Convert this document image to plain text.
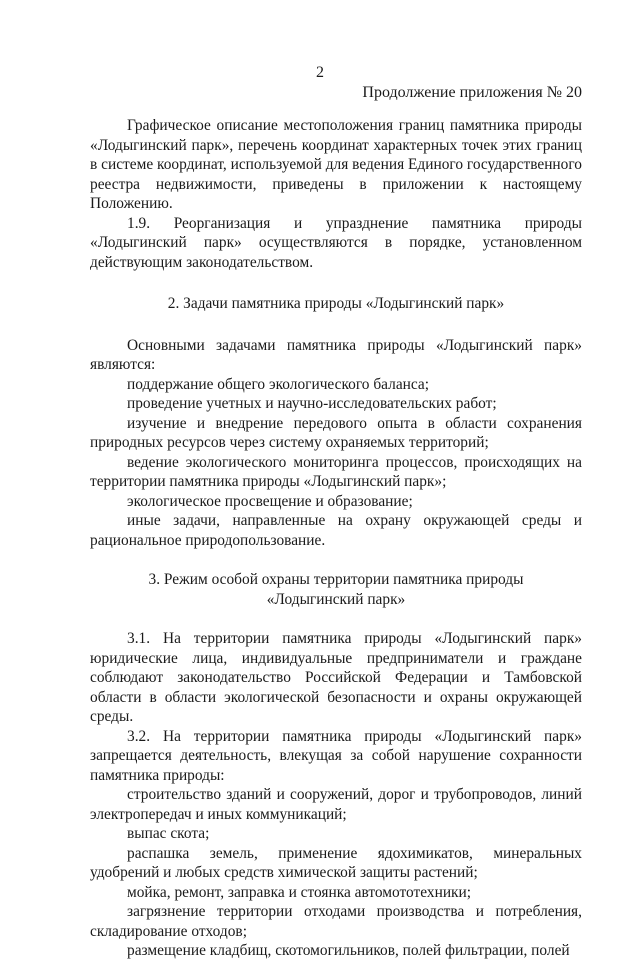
2
Продолжение приложения № 20

Графическое описание местоположения границ памятника природы «Лодыгинский парк», перечень координат характерных точек этих границ в системе координат, используемой для ведения Единого государственного реестра недвижимости, приведены в приложении к настоящему Положению.

1.9. Реорганизация и упразднение памятника природы «Лодыгинский парк» осуществляются в порядке, установленном действующим законодательством.

2. Задачи памятника природы «Лодыгинский парк»

Основными задачами памятника природы «Лодыгинский парк» являются:

поддержание общего экологического баланса;

проведение учетных и научно-исследовательских работ;

изучение и внедрение передового опыта в области сохранения природных ресурсов через систему охраняемых территорий;

ведение экологического мониторинга процессов, происходящих на территории памятника природы «Лодыгинский парк»;

экологическое просвещение и образование;

иные задачи, направленные на охрану окружающей среды и рациональное природопользование.

3. Режим особой охраны территории памятника природы

«Лодыгинский парк»

3.1. На территории памятника природы «Лодыгинский парк» юридические лица, индивидуальные предприниматели и граждане соблюдают законодательство Российской Федерации и Тамбовской области в области экологической безопасности и охраны окружающей среды.

3.2. На территории памятника природы «Лодыгинский парк» запрещается деятельность, влекущая за собой нарушение сохранности памятника природы:

строительство зданий и сооружений, дорог и трубопроводов, линий электропередач и иных коммуникаций;

выпас скота;

распашка земель, применение ядохимикатов, минеральных удобрений и любых средств химической защиты растений;

мойка, ремонт, заправка и стоянка автомототехники;

загрязнение территории отходами производства и потребления, складирование отходов;

размещение кладбищ, скотомогильников, полей фильтрации, полей
